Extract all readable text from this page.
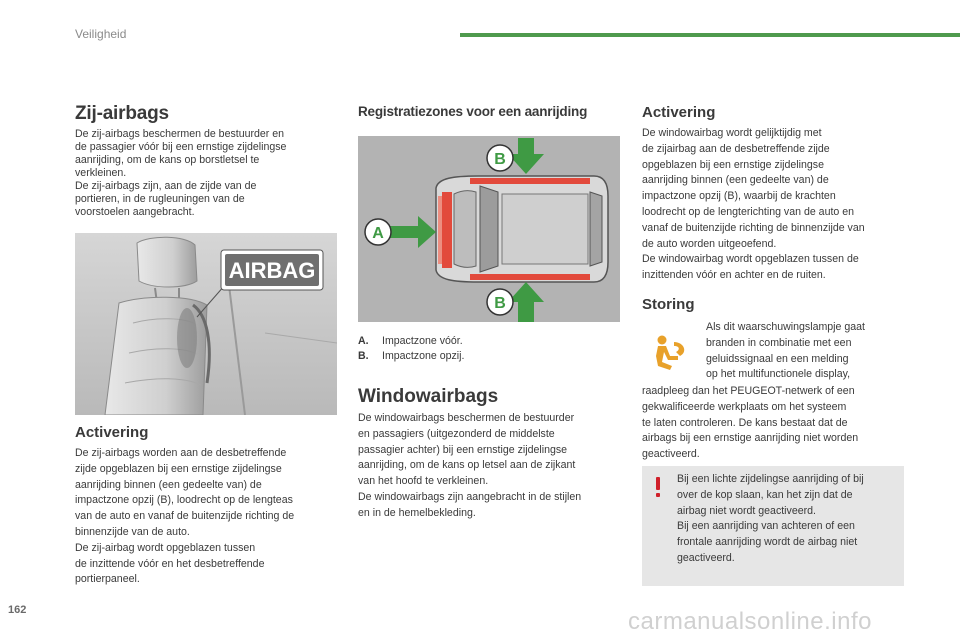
Veiligheid
Zij-airbags

De zij-airbags beschermen de bestuurder en
de passagier vóór bij een ernstige zijdelingse
aanrijding, om de kans op borstletsel te
verkleinen.
De zij-airbags zijn, aan de zijde van de
portieren, in de rugleuningen van de
voorstoelen aangebracht.

AIRBAG
Activering

De zij-airbags worden aan de desbetreffende
zijde opgeblazen bij een ernstige zijdelingse
aanrijding binnen (een gedeelte van) de
impactzone opzij (B), loodrecht op de lengteas
van de auto en vanaf de buitenzijde richting de
binnenzijde van de auto.
De zij-airbag wordt opgeblazen tussen
de inzittende vóór en het desbetreffende
portierpaneel.

Registratiezones voor een aanrijding
A
B
B
A. Impactzone vóór.
B. Impactzone opzij.
Windowairbags

De windowairbags beschermen de bestuurder
en passagiers (uitgezonderd de middelste
passagier achter) bij een ernstige zijdelingse
aanrijding, om de kans op letsel aan de zijkant
van het hoofd te verkleinen.
De windowairbags zijn aangebracht in de stijlen
en in de hemelbekleding.

Activering

De windowairbag wordt gelijktijdig met
de zijairbag aan de desbetreffende zijde
opgeblazen bij een ernstige zijdelingse
aanrijding binnen (een gedeelte van) de
impactzone opzij (B), waarbij de krachten
loodrecht op de lengterichting van de auto en
vanaf de buitenzijde richting de binnenzijde van
de auto worden uitgeoefend.
De windowairbag wordt opgeblazen tussen de
inzittenden vóór en achter en de ruiten.

Storing

Als dit waarschuwingslampje gaat
branden in combinatie met een
geluidssignaal en een melding
op het multifunctionele display,

raadpleeg dan het PEUGEOT-netwerk of een
gekwalificeerde werkplaats om het systeem
te laten controleren. De kans bestaat dat de
airbags bij een ernstige aanrijding niet worden
geactiveerd.

Bij een lichte zijdelingse aanrijding of bij
over de kop slaan, kan het zijn dat de
airbag niet wordt geactiveerd.
Bij een aanrijding van achteren of een
frontale aanrijding wordt de airbag niet
geactiveerd.

162	carmanualsonline.info
